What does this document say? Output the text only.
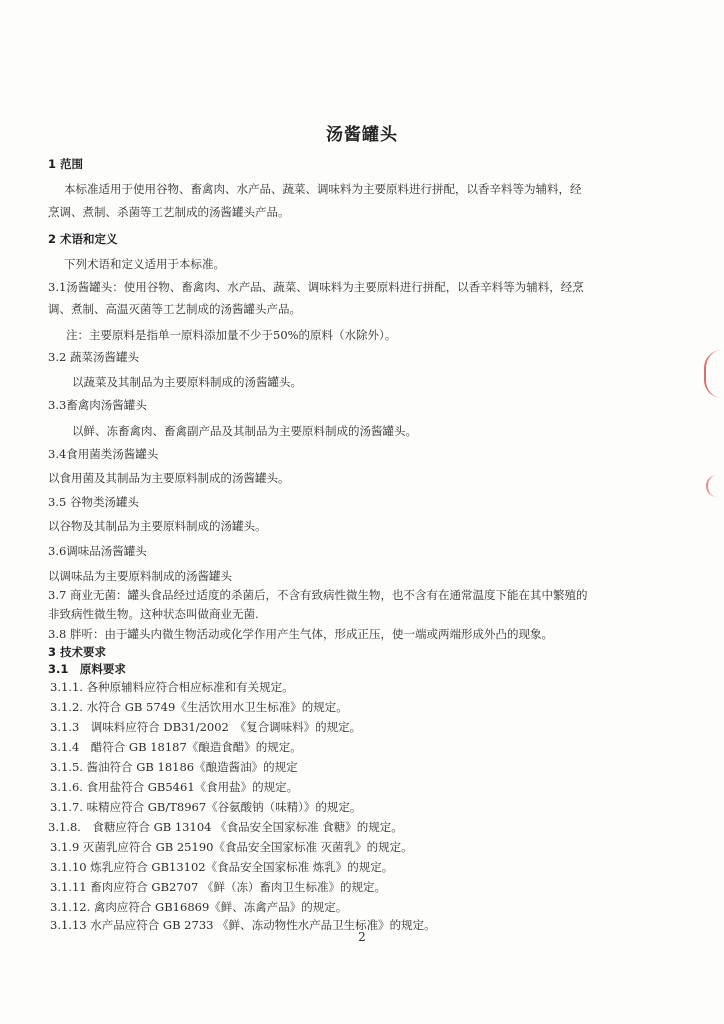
汤酱罐头
1 范围
本标准适用于使用谷物、畜禽肉、水产品、蔬菜、调味料为主要原料进行拼配，以香辛料等为辅料，经
烹调、煮制、杀菌等工艺制成的汤酱罐头产品。
2 术语和定义
下列术语和定义适用于本标准。
3.1汤酱罐头：使用谷物、畜禽肉、水产品、蔬菜、调味料为主要原料进行拼配，以香辛料等为辅料，经烹
调、煮制、高温灭菌等工艺制成的汤酱罐头产品。
注：主要原料是指单一原料添加量不少于50%的原料（水除外）。
3.2 蔬菜汤酱罐头
以蔬菜及其制品为主要原料制成的汤酱罐头。
3.3畜禽肉汤酱罐头
以鲜、冻畜禽肉、畜禽副产品及其制品为主要原料制成的汤酱罐头。
3.4食用菌类汤酱罐头
以食用菌及其制品为主要原料制成的汤酱罐头。
3.5 谷物类汤罐头
以谷物及其制品为主要原料制成的汤罐头。
3.6调味品汤酱罐头
以调味品为主要原料制成的汤酱罐头
3.7 商业无菌：罐头食品经过适度的杀菌后，不含有致病性微生物，也不含有在通常温度下能在其中繁殖的
非致病性微生物。这种状态叫做商业无菌.
3.8 胖听：由于罐头内微生物活动或化学作用产生气体，形成正压，使一端或两端形成外凸的现象。
3 技术要求
3.1　原料要求
3.1.1. 各种原辅料应符合相应标准和有关规定。
3.1.2. 水符合 GB 5749《生活饮用水卫生标准》的规定。
3.1.3　调味料应符合 DB31/2002　《复合调味料》的规定。
3.1.4　醋符合 GB 18187《酿造食醋》的规定。
3.1.5. 酱油符合 GB 18186《酿造酱油》的规定
3.1.6. 食用盐符合 GB5461《食用盐》的规定。
3.1.7. 味精应符合 GB/T8967《谷氨酸钠（味精）》的规定。
3.1.8.　食糖应符合 GB 13104 《食品安全国家标准 食糖》的规定。
3.1.9 灭菌乳应符合 GB 25190《食品安全国家标准 灭菌乳》的规定。
3.1.10 炼乳应符合 GB13102《食品安全国家标准 炼乳》的规定。
3.1.11 畜肉应符合 GB2707 《鲜（冻）畜肉卫生标准》的规定。
3.1.12. 禽肉应符合 GB16869《鲜、冻禽产品》的规定。
3.1.13 水产品应符合 GB 2733 《鲜、冻动物性水产品卫生标准》的规定。
2
